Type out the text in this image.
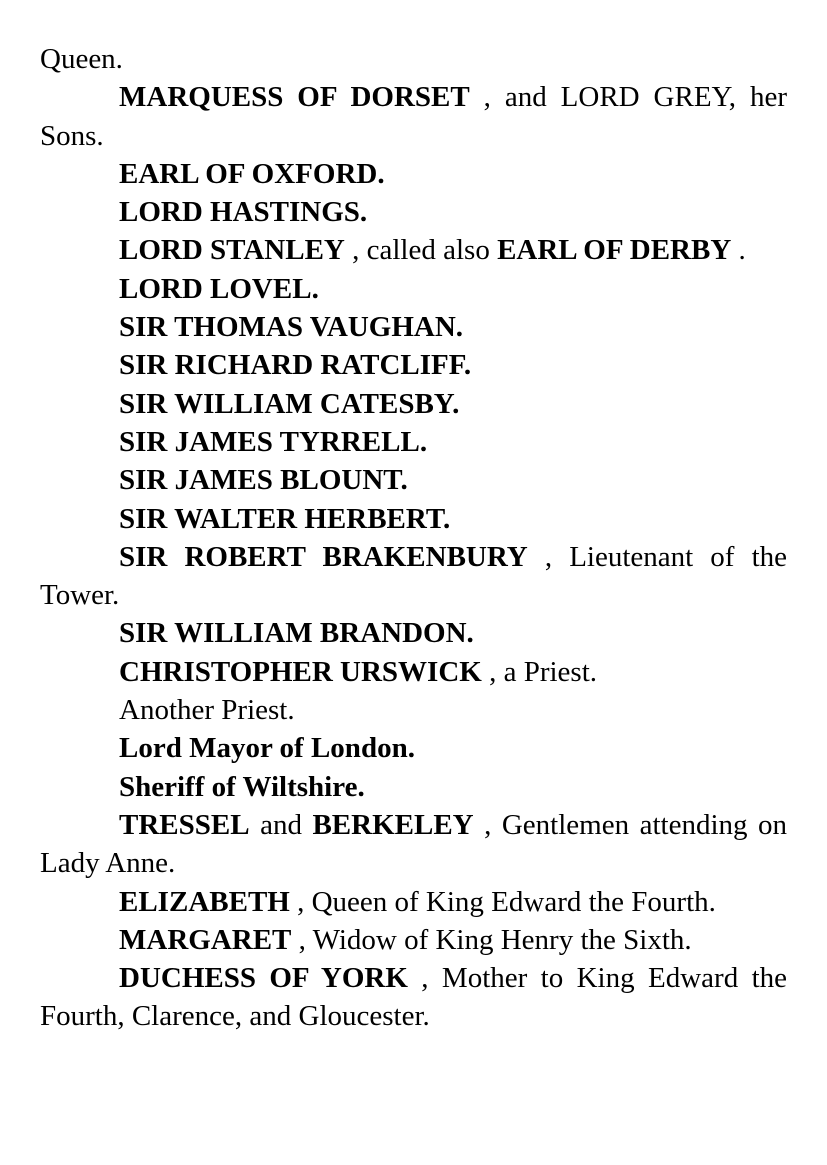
Queen.

MARQUESS OF DORSET , and LORD GREY, her Sons.

EARL OF OXFORD.

LORD HASTINGS.

LORD STANLEY , called also EARL OF DERBY .

LORD LOVEL.

SIR THOMAS VAUGHAN.

SIR RICHARD RATCLIFF.

SIR WILLIAM CATESBY.

SIR JAMES TYRRELL.

SIR JAMES BLOUNT.

SIR WALTER HERBERT.

SIR ROBERT BRAKENBURY , Lieutenant of the Tower.

SIR WILLIAM BRANDON.

CHRISTOPHER URSWICK , a Priest.

Another Priest.

Lord Mayor of London.

Sheriff of Wiltshire.

TRESSEL and BERKELEY , Gentlemen attending on Lady Anne.

ELIZABETH , Queen of King Edward the Fourth.

MARGARET , Widow of King Henry the Sixth.

DUCHESS OF YORK , Mother to King Edward the Fourth, Clarence, and Gloucester.
